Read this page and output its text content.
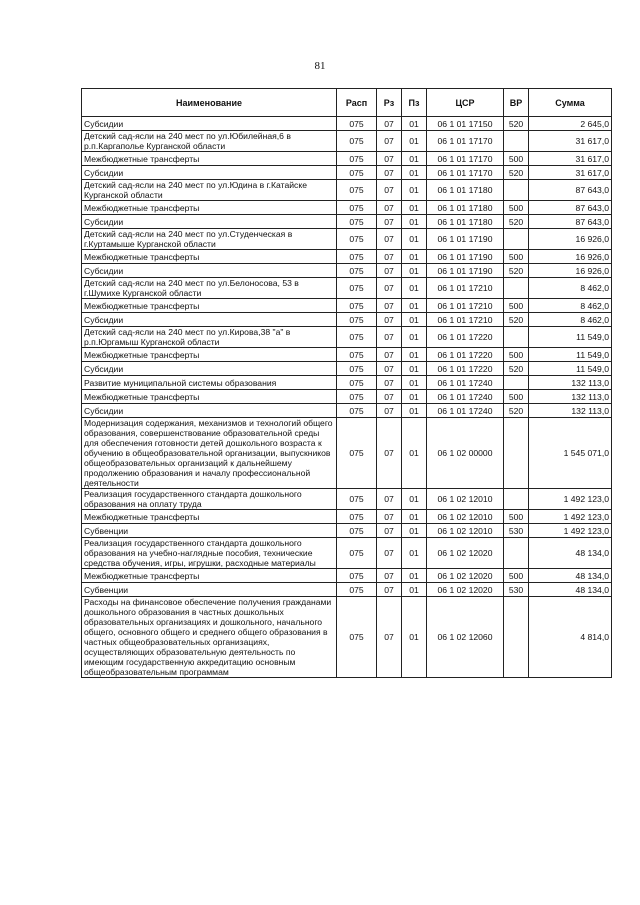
81
Наименование	Расп	Рз	Пз	ЦСР	ВР	Сумма
Субсидии	075	07	01	06 1 01 17150	520	2 645,0
Детский сад-ясли на 240 мест по ул.Юбилейная,6 в р.п.Каргаполье Курганской области	075	07	01	06 1 01 17170		31 617,0
Межбюджетные трансферты	075	07	01	06 1 01 17170	500	31 617,0
Субсидии	075	07	01	06 1 01 17170	520	31 617,0
Детский сад-ясли на 240 мест по ул.Юдина в г.Катайске Курганской области	075	07	01	06 1 01 17180		87 643,0
Межбюджетные трансферты	075	07	01	06 1 01 17180	500	87 643,0
Субсидии	075	07	01	06 1 01 17180	520	87 643,0
Детский сад-ясли на 240 мест по ул.Студенческая в г.Куртамыше Курганской области	075	07	01	06 1 01 17190		16 926,0
Межбюджетные трансферты	075	07	01	06 1 01 17190	500	16 926,0
Субсидии	075	07	01	06 1 01 17190	520	16 926,0
Детский сад-ясли на 240 мест по ул.Белоносова, 53 в г.Шумихе Курганской области	075	07	01	06 1 01 17210		8 462,0
Межбюджетные трансферты	075	07	01	06 1 01 17210	500	8 462,0
Субсидии	075	07	01	06 1 01 17210	520	8 462,0
Детский сад-ясли на 240 мест по ул.Кирова,38 "а" в р.п.Юргамыш Курганской области	075	07	01	06 1 01 17220		11 549,0
Межбюджетные трансферты	075	07	01	06 1 01 17220	500	11 549,0
Субсидии	075	07	01	06 1 01 17220	520	11 549,0
Развитие муниципальной системы образования	075	07	01	06 1 01 17240		132 113,0
Межбюджетные трансферты	075	07	01	06 1 01 17240	500	132 113,0
Субсидии	075	07	01	06 1 01 17240	520	132 113,0
Модернизация содержания, механизмов и технологий общего образования, совершенствование образовательной среды для обеспечения готовности детей дошкольного возраста к обучению в общеобразовательной организации, выпускников общеобразовательных организаций к дальнейшему продолжению образования и началу профессиональной деятельности	075	07	01	06 1 02 00000		1 545 071,0
Реализация государственного стандарта дошкольного образования на оплату труда	075	07	01	06 1 02 12010		1 492 123,0
Межбюджетные трансферты	075	07	01	06 1 02 12010	500	1 492 123,0
Субвенции	075	07	01	06 1 02 12010	530	1 492 123,0
Реализация государственного стандарта дошкольного образования на учебно-наглядные пособия, технические средства обучения, игры, игрушки, расходные материалы	075	07	01	06 1 02 12020		48 134,0
Межбюджетные трансферты	075	07	01	06 1 02 12020	500	48 134,0
Субвенции	075	07	01	06 1 02 12020	530	48 134,0
Расходы на финансовое обеспечение получения гражданами дошкольного образования в частных дошкольных образовательных организациях и дошкольного, начального общего, основного общего и среднего общего образования в частных общеобразовательных организациях, осуществляющих образовательную деятельность по имеющим государственную аккредитацию основным общеобразовательным программам	075	07	01	06 1 02 12060		4 814,0
